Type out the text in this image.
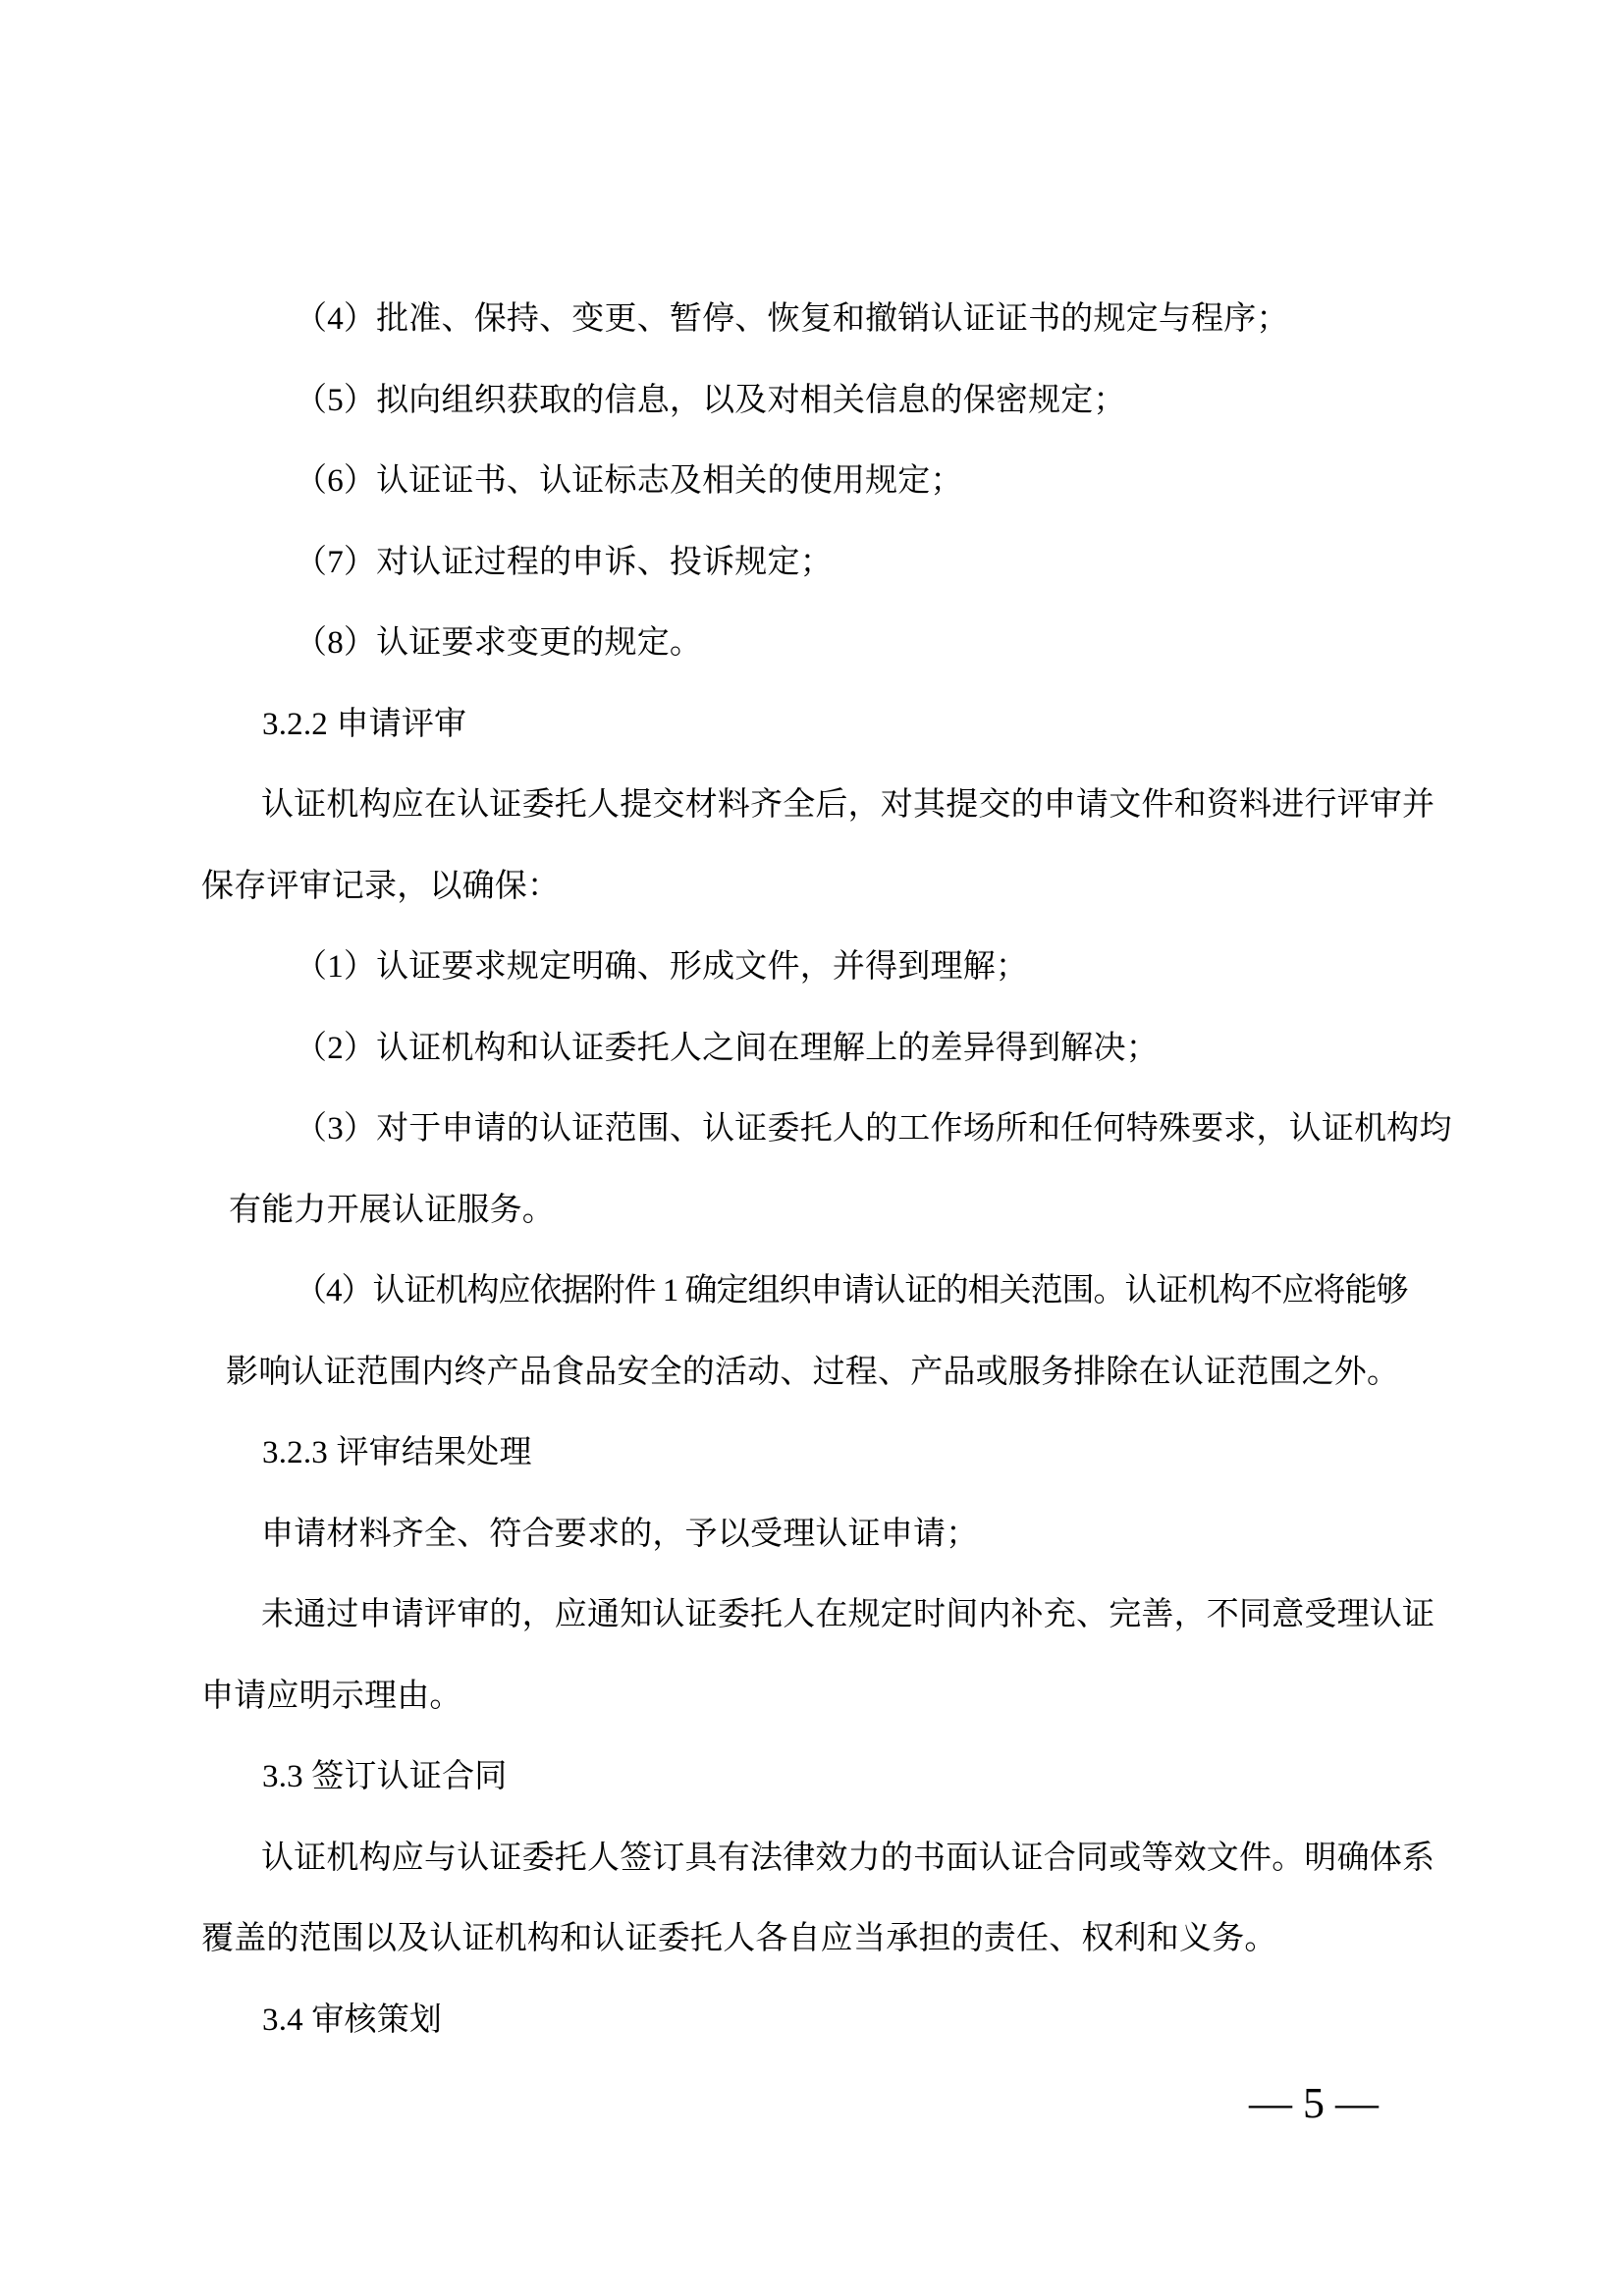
（4）批准、保持、变更、暂停、恢复和撤销认证证书的规定与程序；
（5）拟向组织获取的信息，以及对相关信息的保密规定；
（6）认证证书、认证标志及相关的使用规定；
（7）对认证过程的申诉、投诉规定；
（8）认证要求变更的规定。
3.2.2 申请评审
认证机构应在认证委托人提交材料齐全后，对其提交的申请文件和资料进行评审并
保存评审记录，以确保：
（1）认证要求规定明确、形成文件，并得到理解；
（2）认证机构和认证委托人之间在理解上的差异得到解决；
（3）对于申请的认证范围、认证委托人的工作场所和任何特殊要求，认证机构均
有能力开展认证服务。
（4）认证机构应依据附件 1 确定组织申请认证的相关范围。认证机构不应将能够
影响认证范围内终产品食品安全的活动、过程、产品或服务排除在认证范围之外。
3.2.3 评审结果处理
申请材料齐全、符合要求的，予以受理认证申请；
未通过申请评审的，应通知认证委托人在规定时间内补充、完善，不同意受理认证
申请应明示理由。
3.3 签订认证合同
认证机构应与认证委托人签订具有法律效力的书面认证合同或等效文件。明确体系
覆盖的范围以及认证机构和认证委托人各自应当承担的责任、权利和义务。
3.4 审核策划
— 5 —
